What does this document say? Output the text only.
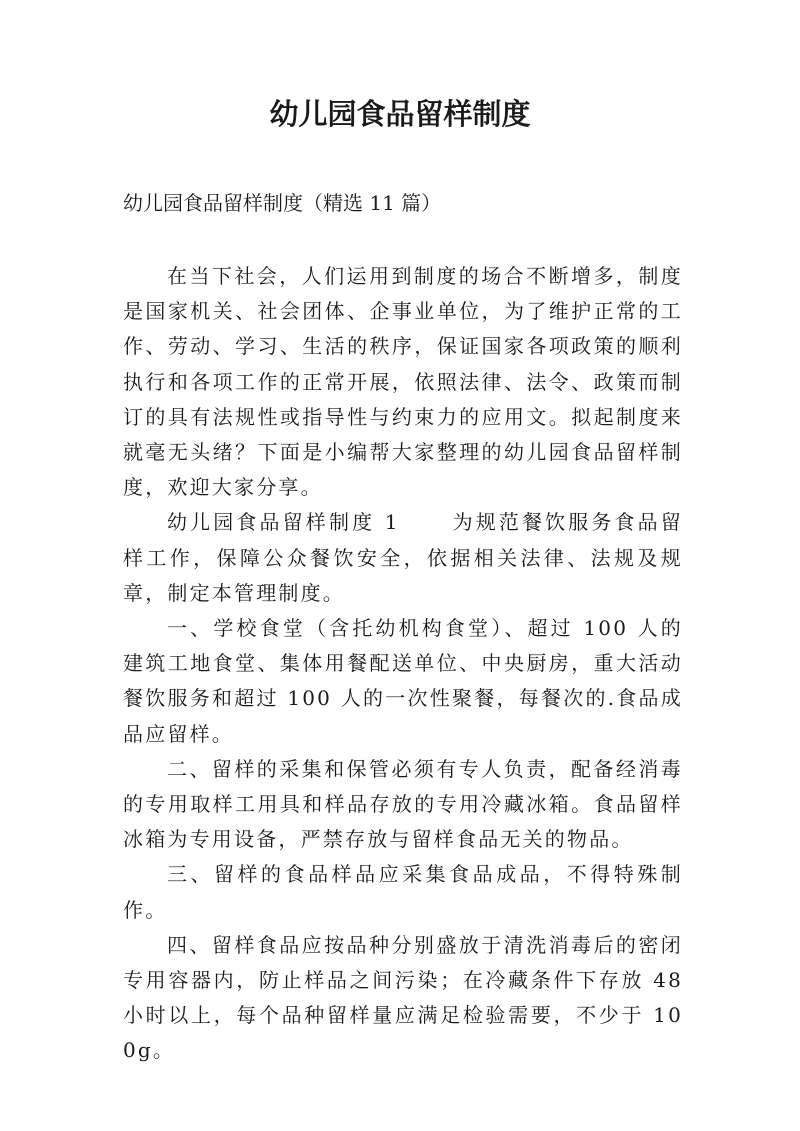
幼儿园食品留样制度

幼儿园食品留样制度（精选 11 篇）

在当下社会，人们运用到制度的场合不断增多，制度是国家机关、社会团体、企事业单位，为了维护正常的工作、劳动、学习、生活的秩序，保证国家各项政策的顺利执行和各项工作的正常开展，依照法律、法令、政策而制订的具有法规性或指导性与约束力的应用文。拟起制度来就毫无头绪？下面是小编帮大家整理的幼儿园食品留样制度，欢迎大家分享。

幼儿园食品留样制度 1	为规范餐饮服务食品留样工作，保障公众餐饮安全，依据相关法律、法规及规章，制定本管理制度。

一、学校食堂（含托幼机构食堂）、超过 100 人的建筑工地食堂、集体用餐配送单位、中央厨房，重大活动餐饮服务和超过 100 人的一次性聚餐，每餐次的.食品成品应留样。

二、留样的采集和保管必须有专人负责，配备经消毒的专用取样工用具和样品存放的专用冷藏冰箱。食品留样冰箱为专用设备，严禁存放与留样食品无关的物品。

三、留样的食品样品应采集食品成品，不得特殊制作。

四、留样食品应按品种分别盛放于清洗消毒后的密闭专用容器内，防止样品之间污染；在冷藏条件下存放 48 小时以上，每个品种留样量应满足检验需要，不少于 100g。
